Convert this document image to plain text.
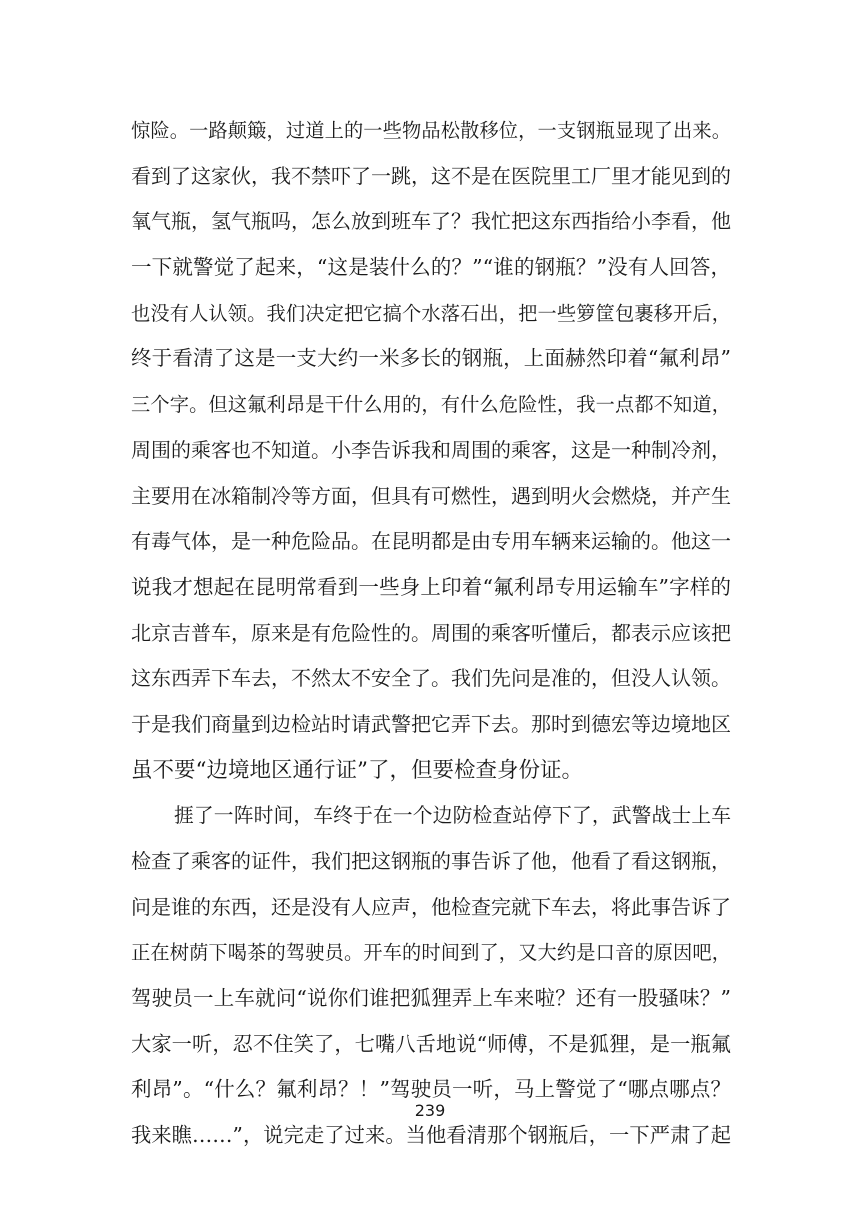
惊险。一路颠簸，过道上的一些物品松散移位，一支钢瓶显现了出来。
看到了这家伙，我不禁吓了一跳，这不是在医院里工厂里才能见到的
氧气瓶，氢气瓶吗，怎么放到班车了？我忙把这东西指给小李看，他
一下就警觉了起来，“这是装什么的？”“谁的钢瓶？”没有人回答，
也没有人认领。我们决定把它搞个水落石出，把一些箩筐包裹移开后，
终于看清了这是一支大约一米多长的钢瓶，上面赫然印着“氟利昂”
三个字。但这氟利昂是干什么用的，有什么危险性，我一点都不知道，
周围的乘客也不知道。小李告诉我和周围的乘客，这是一种制冷剂，
主要用在冰箱制冷等方面，但具有可燃性，遇到明火会燃烧，并产生
有毒气体，是一种危险品。在昆明都是由专用车辆来运输的。他这一
说我才想起在昆明常看到一些身上印着“氟利昂专用运输车”字样的
北京吉普车，原来是有危险性的。周围的乘客听懂后，都表示应该把
这东西弄下车去，不然太不安全了。我们先问是准的，但没人认领。
于是我们商量到边检站时请武警把它弄下去。那时到德宏等边境地区
虽不要“边境地区通行证”了，但要检查身份证。
捱了一阵时间，车终于在一个边防检查站停下了，武警战士上车
检查了乘客的证件，我们把这钢瓶的事告诉了他，他看了看这钢瓶，
问是谁的东西，还是没有人应声，他检查完就下车去，将此事告诉了
正在树荫下喝茶的驾驶员。开车的时间到了，又大约是口音的原因吧，
驾驶员一上车就问“说你们谁把狐狸弄上车来啦？还有一股骚味？”
大家一听，忍不住笑了，七嘴八舌地说“师傅，不是狐狸，是一瓶氟
利昂”。“什么？氟利昂？！”驾驶员一听，马上警觉了“哪点哪点？
我来瞧……”，说完走了过来。当他看清那个钢瓶后，一下严肃了起
239
